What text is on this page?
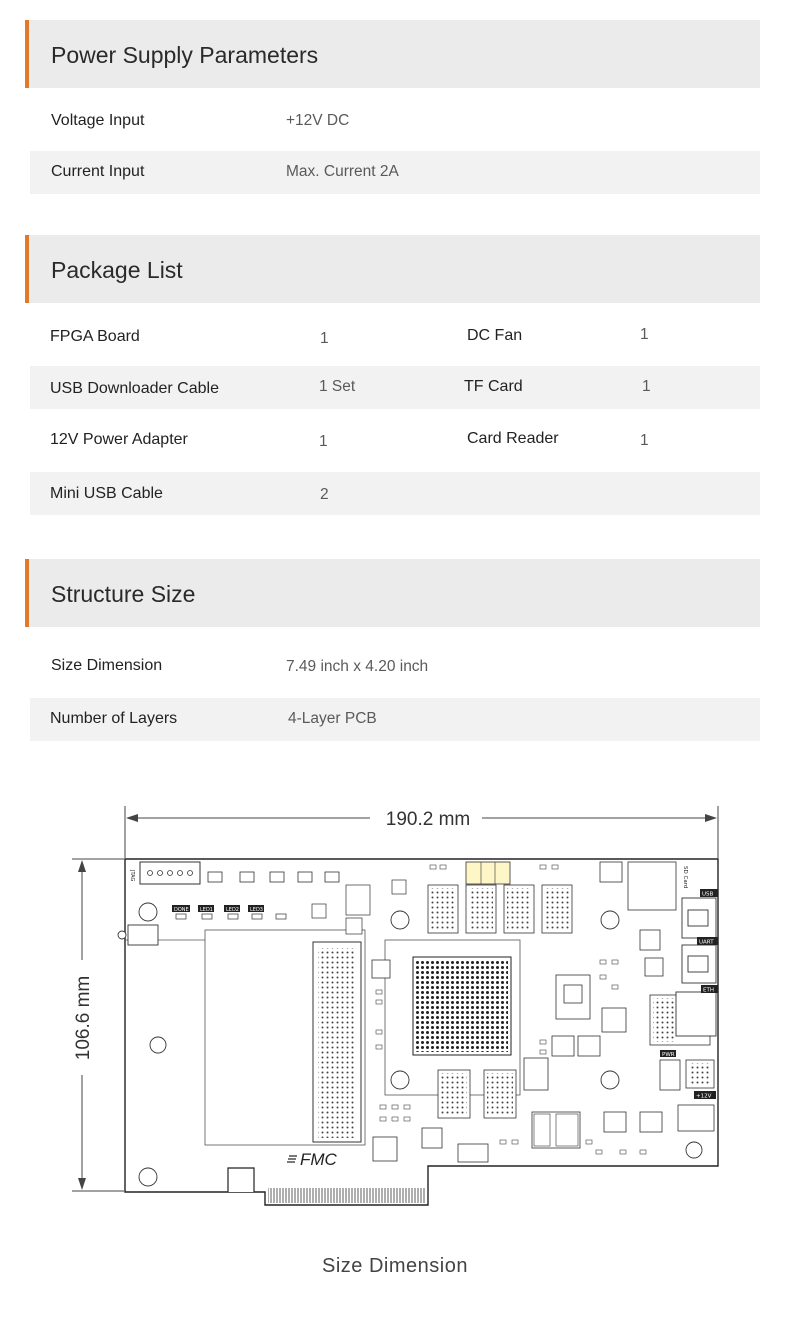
Power Supply Parameters
Voltage Input	+12V DC
Current Input	Max. Current 2A
Package List
FPGA Board	1	DC Fan	1
USB Downloader Cable	1 Set	TF Card	1
12V Power Adapter	1	Card Reader	1
Mini USB Cable	2
Structure Size
Size Dimension	7.49 inch x 4.20 inch
Number of Layers	4-Layer PCB
190.2 mm
106.6 mm
JTAG
DONE LED1	LED2 LED3
USB
UART
ETH
+12V
PWR
SD Card
FMC
Size Dimension
